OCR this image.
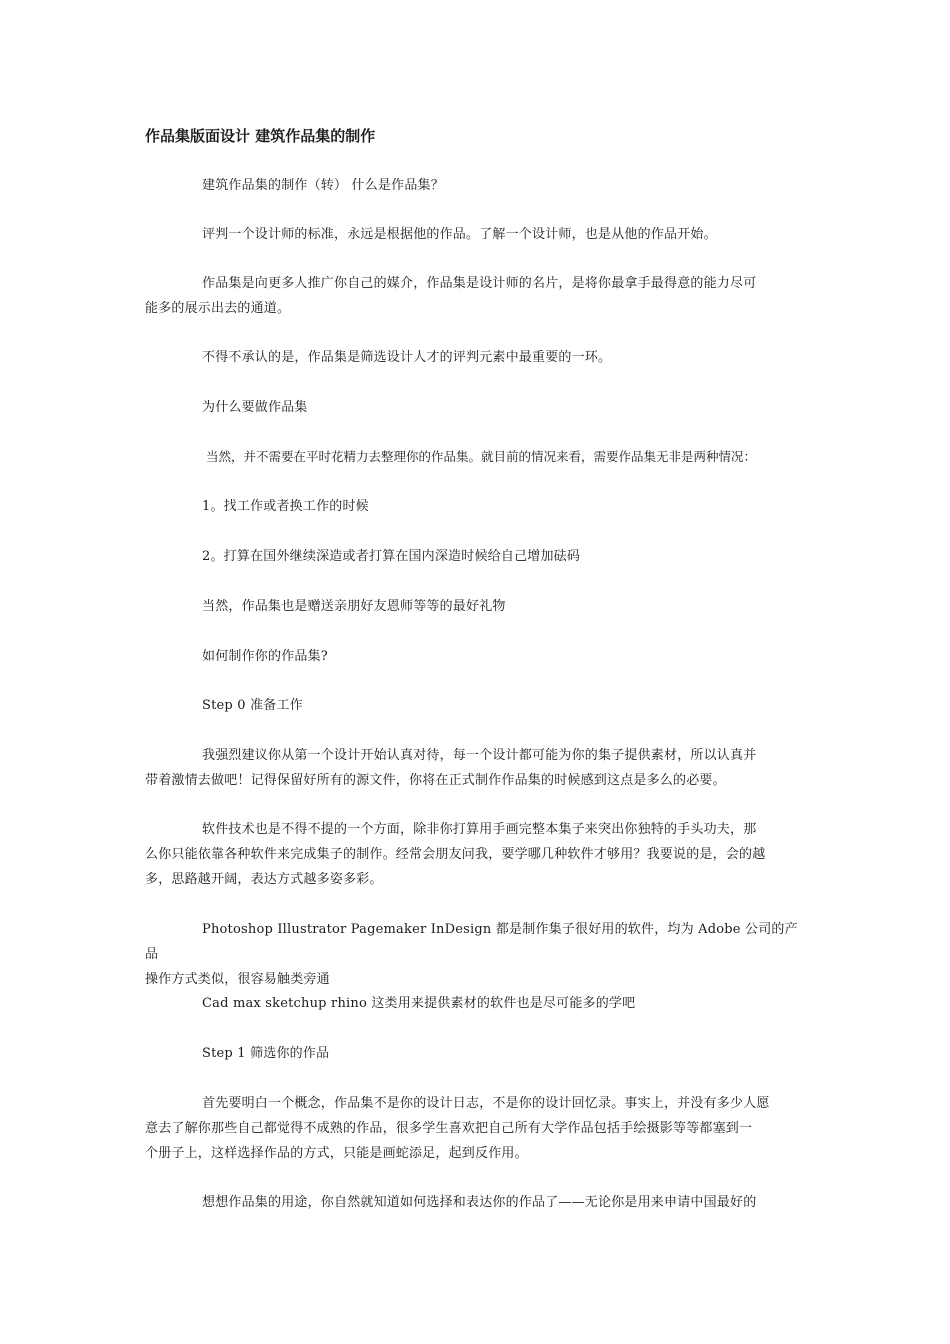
作品集版面设计 建筑作品集的制作

建筑作品集的制作（转） 什么是作品集？

评判一个设计师的标准，永远是根据他的作品。了解一个设计师，也是从他的作品开始。

作品集是向更多人推广你自己的媒介，作品集是设计师的名片，是将你最拿手最得意的能力尽可
能多的展示出去的通道。

不得不承认的是，作品集是筛选设计人才的评判元素中最重要的一环。

为什么要做作品集

当然，并不需要在平时花精力去整理你的作品集。就目前的情况来看，需要作品集无非是两种情况：

1。找工作或者换工作的时候

2。打算在国外继续深造或者打算在国内深造时候给自己增加砝码

当然，作品集也是赠送亲朋好友恩师等等的最好礼物

如何制作你的作品集?

Step 0 准备工作

我强烈建议你从第一个设计开始认真对待，每一个设计都可能为你的集子提供素材，所以认真并
带着激情去做吧！记得保留好所有的源文件，你将在正式制作作品集的时候感到这点是多么的必要。

软件技术也是不得不提的一个方面，除非你打算用手画完整本集子来突出你独特的手头功夫，那
么你只能依靠各种软件来完成集子的制作。经常会朋友问我，要学哪几种软件才够用？我要说的是，会的越
多，思路越开阔，表达方式越多姿多彩。

Photoshop Illustrator Pagemaker InDesign 都是制作集子很好用的软件，均为 Adobe 公司的产品
操作方式类似，很容易触类旁通

Cad max sketchup rhino 这类用来提供素材的软件也是尽可能多的学吧

Step 1 筛选你的作品

首先要明白一个概念，作品集不是你的设计日志，不是你的设计回忆录。事实上，并没有多少人愿
意去了解你那些自己都觉得不成熟的作品，很多学生喜欢把自己所有大学作品包括手绘摄影等等都塞到一
个册子上，这样选择作品的方式，只能是画蛇添足，起到反作用。

想想作品集的用途，你自然就知道如何选择和表达你的作品了——无论你是用来申请中国最好的
